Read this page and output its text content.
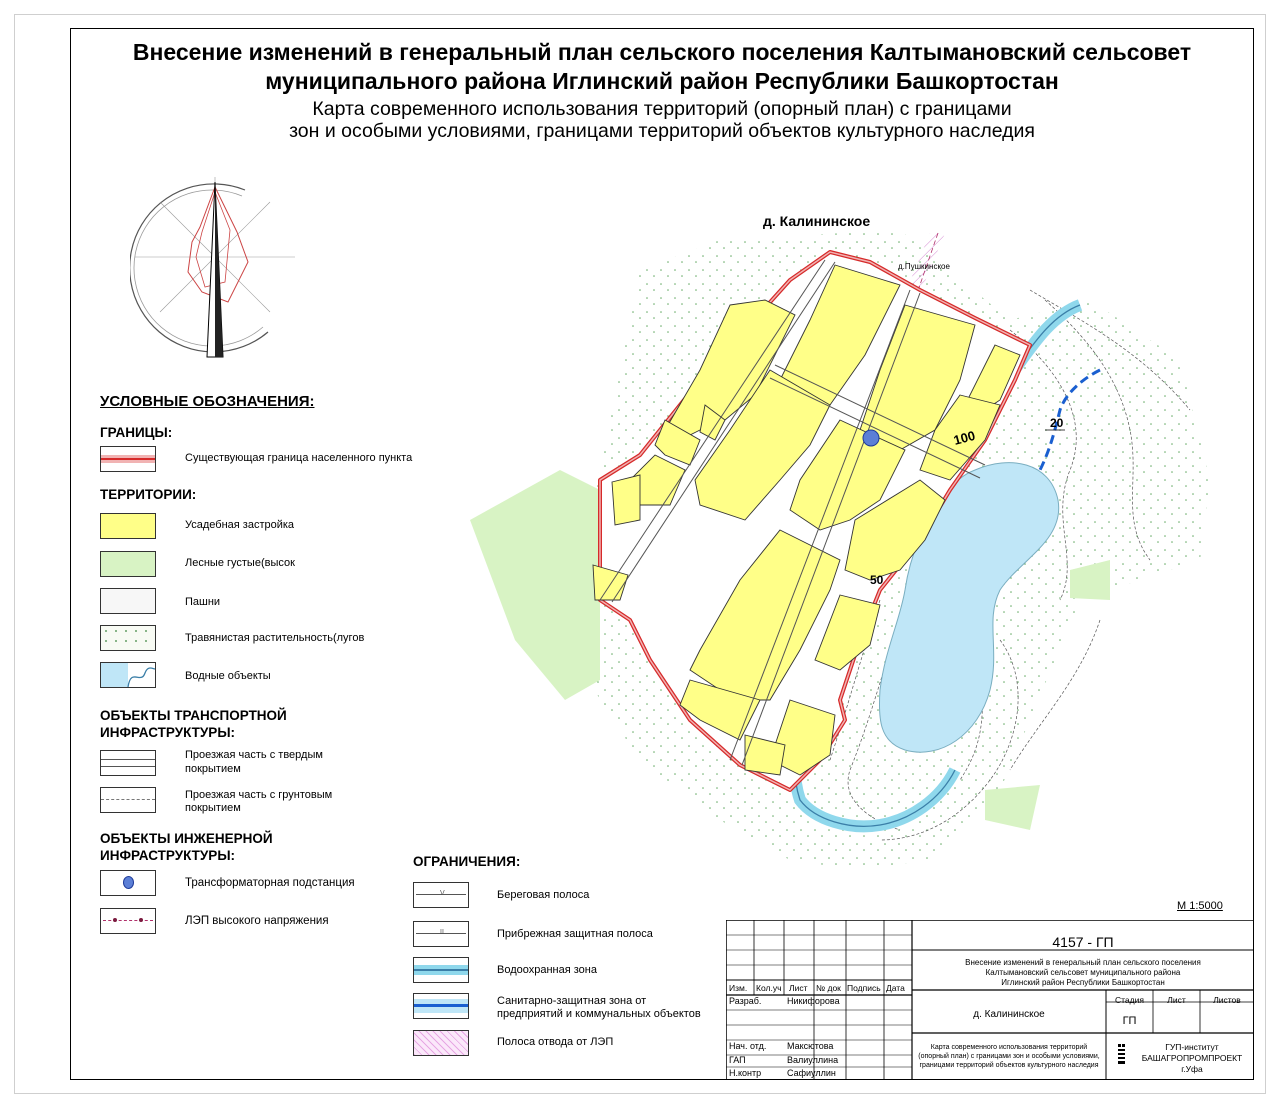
Внесение изменений в генеральный план сельского поселения Калтымановский сельсовет
муниципального района Иглинский район Республики Башкортостан
Карта современного использования территорий (опорный план) с границами
зон и особыми условиями, границами территорий объектов культурного наследия
100
50
20
д. Калининское
д.Пушкинское
УСЛОВНЫЕ ОБОЗНАЧЕНИЯ:
ГРАНИЦЫ:
Существующая граница населенного пункта
ТЕРРИТОРИИ:
Усадебная застройка
Лесные густые(высок
Пашни
Травянистая растительность(лугов
Водные объекты
ОБЪЕКТЫ ТРАНСПОРТНОЙ
ИНФРАСТРУКТУРЫ:
Проезжая часть с твердым
покрытием
Проезжая часть с грунтовым
покрытием
ОБЪЕКТЫ ИНЖЕНЕРНОЙ
ИНФРАСТРУКТУРЫ:
Трансформаторная подстанция
ЛЭП высокого напряжения
ОГРАНИЧЕНИЯ:
V	Береговая полоса
II	Прибрежная защитная полоса
Водоохранная зона
Санитарно-защитная зона от
предприятий и коммунальных объектов
Полоса отвода от ЛЭП
М 1:5000
4157 - ГП
Внесение изменений в генеральный план сельского поселения
Калтымановский сельсовет муниципального района
Иглинский район Республики Башкортостан
Изм.	Кол.уч Лист	№ док Подпись Дата
Разраб.	Никифорова
Нач. отд. Максютова
ГАП	Валиуллина
Н.контр	Сафиуллин
д. Калининское
Стадия	Лист	Листов
ГП
Карта современного использования территорий
(опорный план) с границами зон и особыми условиями,
границами территорий объектов культурного наследия
ГУП-институт
БАШАГРОПРОМПРОЕКТ
г.Уфа
